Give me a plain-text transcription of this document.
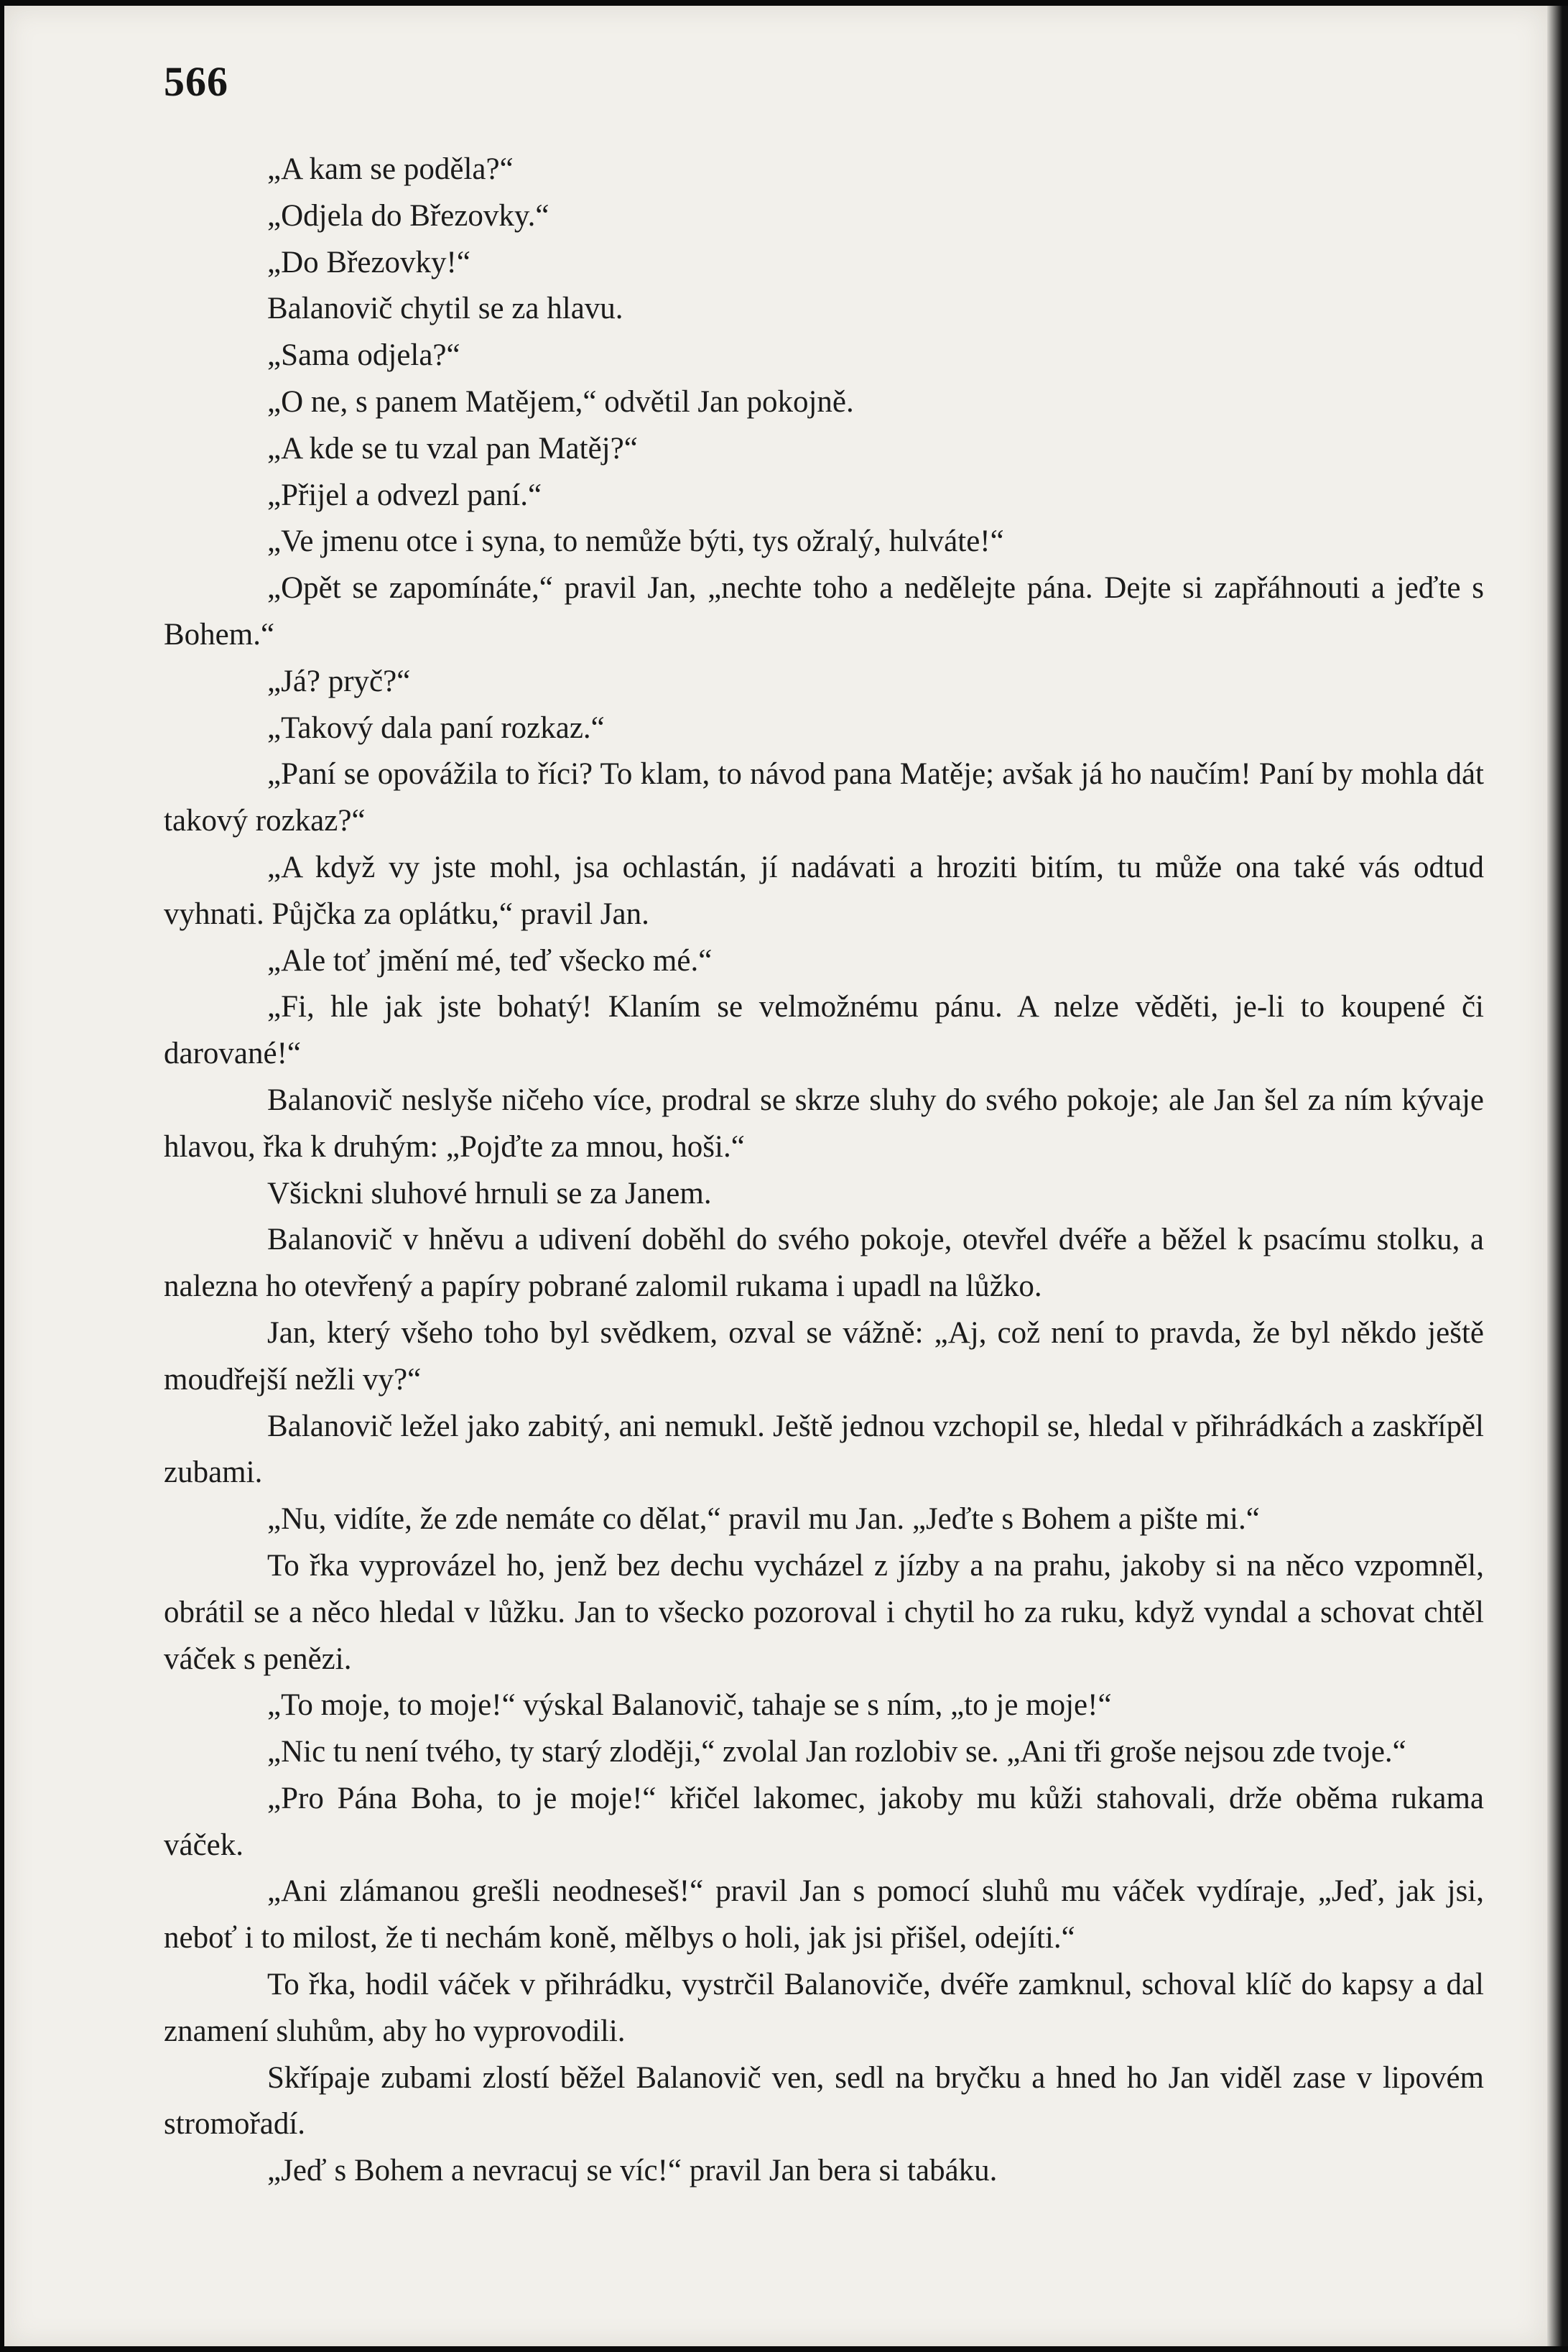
566
„A kam se poděla?“
„Odjela do Březovky.“
„Do Březovky!“
Balanovič chytil se za hlavu.
„Sama odjela?“
„O ne, s panem Matějem,“ odvětil Jan pokojně.
„A kde se tu vzal pan Matěj?“
„Přijel a odvezl paní.“
„Ve jmenu otce i syna, to nemůže býti, tys ožralý, hulváte!“
„Opět se zapomínáte,“ pravil Jan, „nechte toho a nedělejte pána. Dejte si zapřáhnouti a jeďte s Bohem.“
„Já? pryč?“
„Takový dala paní rozkaz.“
„Paní se opovážila to říci? To klam, to návod pana Matěje; avšak já ho naučím! Paní by mohla dát takový rozkaz?“
„A když vy jste mohl, jsa ochlastán, jí nadávati a hroziti bitím, tu může ona také vás odtud vyhnati. Půjčka za oplátku,“ pravil Jan.
„Ale toť jmění mé, teď všecko mé.“
„Fi, hle jak jste bohatý! Klaním se velmožnému pánu. A nelze věděti, je-li to koupené či darované!“
Balanovič neslyše ničeho více, prodral se skrze sluhy do svého pokoje; ale Jan šel za ním kývaje hlavou, řka k druhým: „Pojďte za mnou, hoši.“
Všickni sluhové hrnuli se za Janem.
Balanovič v hněvu a udivení doběhl do svého pokoje, otevřel dvéře a běžel k psacímu stolku, a nalezna ho otevřený a papíry pobrané zalomil rukama i upadl na lůžko.
Jan, který všeho toho byl svědkem, ozval se vážně: „Aj, což není to pravda, že byl někdo ještě moudřejší nežli vy?“
Balanovič ležel jako zabitý, ani nemukl. Ještě jednou vzchopil se, hledal v přihrádkách a zaskřípěl zubami.
„Nu, vidíte, že zde nemáte co dělat,“ pravil mu Jan. „Jeďte s Bohem a pište mi.“
To řka vyprovázel ho, jenž bez dechu vycházel z jízby a na prahu, jakoby si na něco vzpomněl, obrátil se a něco hledal v lůžku. Jan to všecko pozoroval i chytil ho za ruku, když vyndal a schovat chtěl váček s penězi.
„To moje, to moje!“ výskal Balanovič, tahaje se s ním, „to je moje!“
„Nic tu není tvého, ty starý zloději,“ zvolal Jan rozlobiv se. „Ani tři groše nejsou zde tvoje.“
„Pro Pána Boha, to je moje!“ křičel lakomec, jakoby mu kůži stahovali, drže oběma rukama váček.
„Ani zlámanou grešli neodneseš!“ pravil Jan s pomocí sluhů mu váček vydíraje, „Jeď, jak jsi, neboť i to milost, že ti nechám koně, mělbys o holi, jak jsi přišel, odejíti.“
To řka, hodil váček v přihrádku, vystrčil Balanoviče, dvéře zamknul, schoval klíč do kapsy a dal znamení sluhům, aby ho vyprovodili.
Skřípaje zubami zlostí běžel Balanovič ven, sedl na bryčku a hned ho Jan viděl zase v lipovém stromořadí.
„Jeď s Bohem a nevracuj se víc!“ pravil Jan bera si tabáku.
